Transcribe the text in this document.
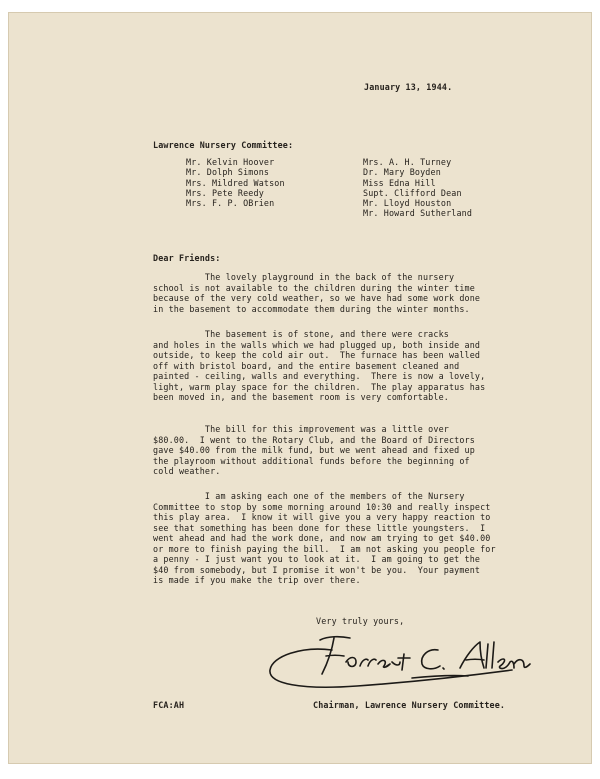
January 13, 1944.
Lawrence Nursery Committee:
Mr. Kelvin Hoover
Mr. Dolph Simons
Mrs. Mildred Watson
Mrs. Pete Reedy
Mrs. F. P. OBrien
Mrs. A. H. Turney
Dr. Mary Boyden
Miss Edna Hill
Supt. Clifford Dean
Mr. Lloyd Houston
Mr. Howard Sutherland
Dear Friends:
The lovely playground in the back of the nursery
school is not available to the children during the winter time
because of the very cold weather, so we have had some work done
in the basement to accommodate them during the winter months.
The basement is of stone, and there were cracks
and holes in the walls which we had plugged up, both inside and
outside, to keep the cold air out.  The furnace has been walled
off with bristol board, and the entire basement cleaned and
painted - ceiling, walls and everything.  There is now a lovely,
light, warm play space for the children.  The play apparatus has
been moved in, and the basement room is very comfortable.
The bill for this improvement was a little over
$80.00.  I went to the Rotary Club, and the Board of Directors
gave $40.00 from the milk fund, but we went ahead and fixed up
the playroom without additional funds before the beginning of
cold weather.
I am asking each one of the members of the Nursery
Committee to stop by some morning around 10:30 and really inspect
this play area.  I know it will give you a very happy reaction to
see that something has been done for these little youngsters.  I
went ahead and had the work done, and now am trying to get $40.00
or more to finish paying the bill.  I am not asking you people for
a penny - I just want you to look at it.  I am going to get the
$40 from somebody, but I promise it won't be you.  Your payment
is made if you make the trip over there.
Very truly yours,
Chairman, Lawrence Nursery Committee.
FCA:AH
